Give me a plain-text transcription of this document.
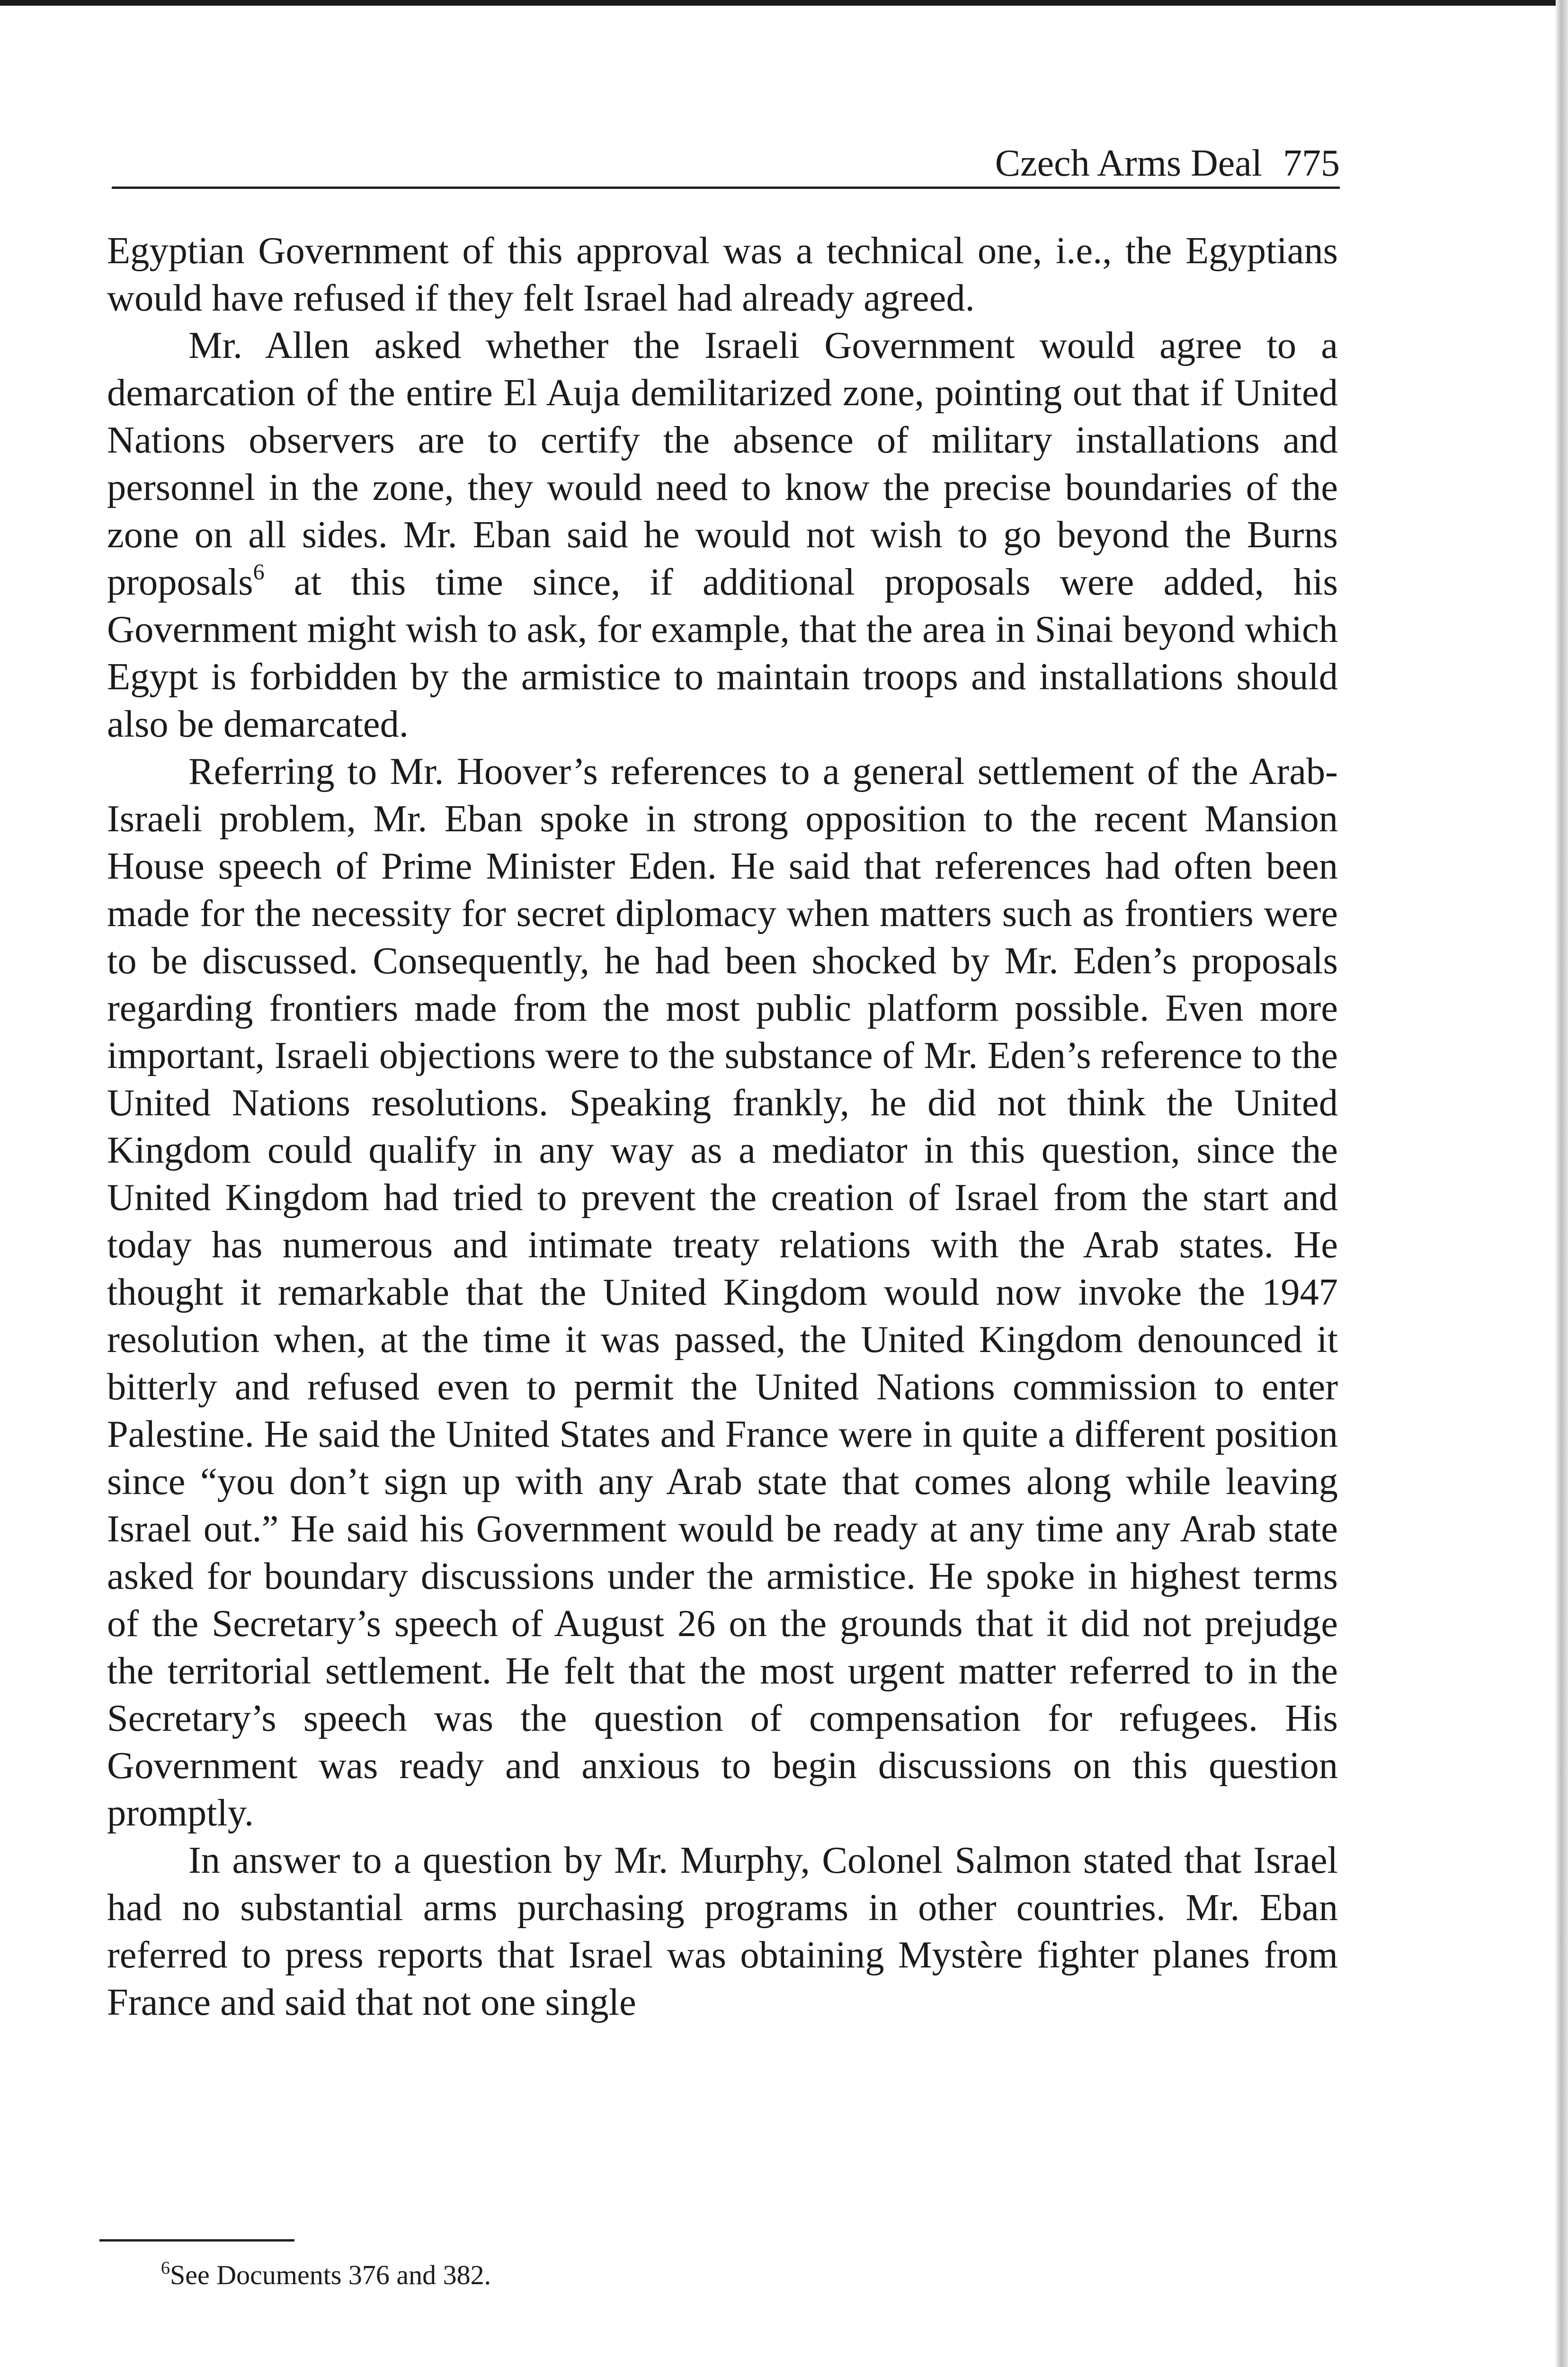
Czech Arms Deal 775

Egyptian Government of this approval was a technical one, i.e., the Egyptians would have refused if they felt Israel had already agreed.

Mr. Allen asked whether the Israeli Government would agree to a demarcation of the entire El Auja demilitarized zone, pointing out that if United Nations observers are to certify the absence of military installations and personnel in the zone, they would need to know the precise boundaries of the zone on all sides. Mr. Eban said he would not wish to go beyond the Burns proposals$^6$ at this time since, if additional proposals were added, his Government might wish to ask, for example, that the area in Sinai beyond which Egypt is forbidden by the armistice to maintain troops and installations should also be demarcated.

Referring to Mr. Hoover’s references to a general settlement of the Arab-Israeli problem, Mr. Eban spoke in strong opposition to the recent Mansion House speech of Prime Minister Eden. He said that references had often been made for the necessity for secret diplomacy when matters such as frontiers were to be discussed. Consequently, he had been shocked by Mr. Eden’s proposals regarding frontiers made from the most public platform possible. Even more important, Israeli objections were to the substance of Mr. Eden’s reference to the United Nations resolutions. Speaking frankly, he did not think the United Kingdom could qualify in any way as a mediator in this question, since the United Kingdom had tried to prevent the creation of Israel from the start and today has numerous and intimate treaty relations with the Arab states. He thought it remarkable that the United Kingdom would now invoke the 1947 resolution when, at the time it was passed, the United Kingdom denounced it bitterly and refused even to permit the United Nations commission to enter Palestine. He said the United States and France were in quite a different position since “you don’t sign up with any Arab state that comes along while leaving Israel out.” He said his Government would be ready at any time any Arab state asked for boundary discussions under the armistice. He spoke in highest terms of the Secretary’s speech of August 26 on the grounds that it did not prejudge the territorial settlement. He felt that the most urgent matter referred to in the Secretary’s speech was the question of compensation for refugees. His Government was ready and anxious to begin discussions on this question promptly.

In answer to a question by Mr. Murphy, Colonel Salmon stated that Israel had no substantial arms purchasing programs in other countries. Mr. Eban referred to press reports that Israel was obtaining Mystère fighter planes from France and said that not one single

$^6$See Documents 376 and 382.
